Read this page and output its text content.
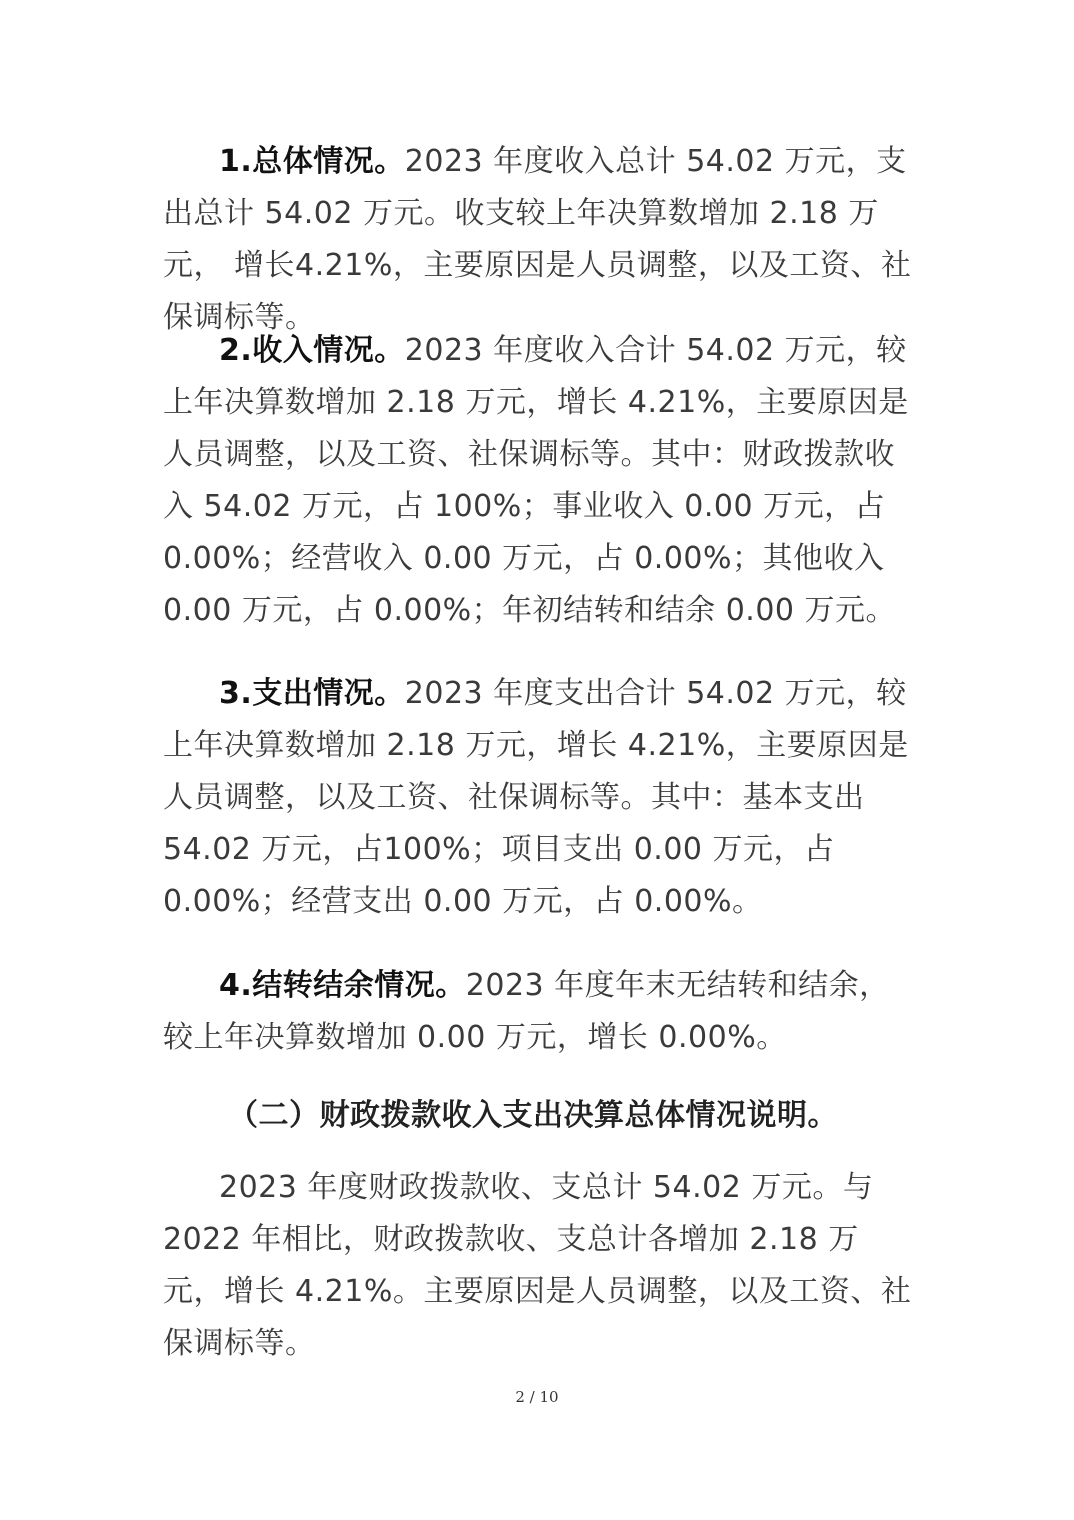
1.总体情况。2023 年度收入总计 54.02 万元，支出总计 54.02 万元。收支较上年决算数增加 2.18 万元， 增长4.21%，主要原因是人员调整，以及工资、社保调标等。

2.收入情况。2023 年度收入合计 54.02 万元，较上年决算数增加 2.18 万元，增长 4.21%，主要原因是人员调整，以及工资、社保调标等。其中：财政拨款收入 54.02 万元，占 100%；事业收入 0.00 万元，占 0.00%；经营收入 0.00 万元，占 0.00%；其他收入 0.00 万元，占 0.00%；年初结转和结余 0.00 万元。

3.支出情况。2023 年度支出合计 54.02 万元，较上年决算数增加 2.18 万元，增长 4.21%，主要原因是人员调整，以及工资、社保调标等。其中：基本支出 54.02 万元，占100%；项目支出 0.00 万元，占 0.00%；经营支出 0.00 万元，占 0.00%。

4.结转结余情况。2023 年度年末无结转和结余，较上年决算数增加 0.00 万元，增长 0.00%。

（二）财政拨款收入支出决算总体情况说明。

2023 年度财政拨款收、支总计 54.02 万元。与 2022 年相比，财政拨款收、支总计各增加 2.18 万元，增长 4.21%。主要原因是人员调整，以及工资、社保调标等。

2 / 10
